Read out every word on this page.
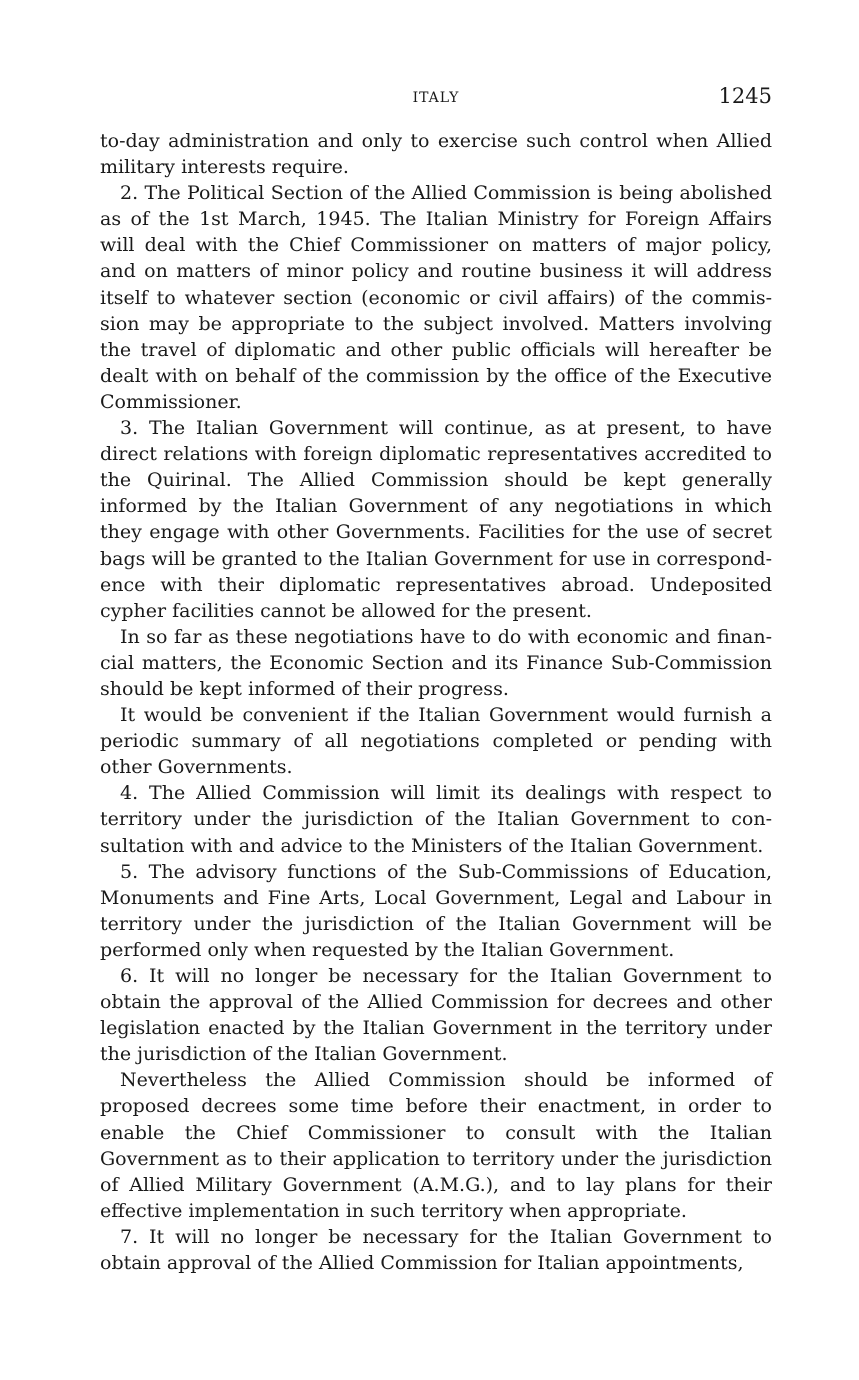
ITALY	1245

to-day administration and only to exercise such control when Allied military interests require.

2. The Political Section of the Allied Commission is being abolished as of the 1st March, 1945. The Italian Ministry for Foreign Affairs will deal with the Chief Commissioner on matters of major policy, and on matters of minor policy and routine business it will address itself to whatever section (economic or civil affairs) of the commission may be appropriate to the subject involved. Matters involving the travel of diplomatic and other public officials will hereafter be dealt with on behalf of the commission by the office of the Executive Commissioner.

3. The Italian Government will continue, as at present, to have direct relations with foreign diplomatic representatives accredited to the Quirinal. The Allied Commission should be kept generally informed by the Italian Government of any negotiations in which they engage with other Governments. Facilities for the use of secret bags will be granted to the Italian Government for use in correspondence with their diplomatic representatives abroad. Undeposited cypher facilities cannot be allowed for the present.

In so far as these negotiations have to do with economic and financial matters, the Economic Section and its Finance Sub-Commission should be kept informed of their progress.

It would be convenient if the Italian Government would furnish a periodic summary of all negotiations completed or pending with other Governments.

4. The Allied Commission will limit its dealings with respect to territory under the jurisdiction of the Italian Government to consultation with and advice to the Ministers of the Italian Government.

5. The advisory functions of the Sub-Commissions of Education, Monuments and Fine Arts, Local Government, Legal and Labour in territory under the jurisdiction of the Italian Government will be performed only when requested by the Italian Government.

6. It will no longer be necessary for the Italian Government to obtain the approval of the Allied Commission for decrees and other legislation enacted by the Italian Government in the territory under the jurisdiction of the Italian Government.

Nevertheless the Allied Commission should be informed of proposed decrees some time before their enactment, in order to enable the Chief Commissioner to consult with the Italian Government as to their application to territory under the jurisdiction of Allied Military Government (A.M.G.), and to lay plans for their effective implementation in such territory when appropriate.

7. It will no longer be necessary for the Italian Government to obtain approval of the Allied Commission for Italian appointments,
